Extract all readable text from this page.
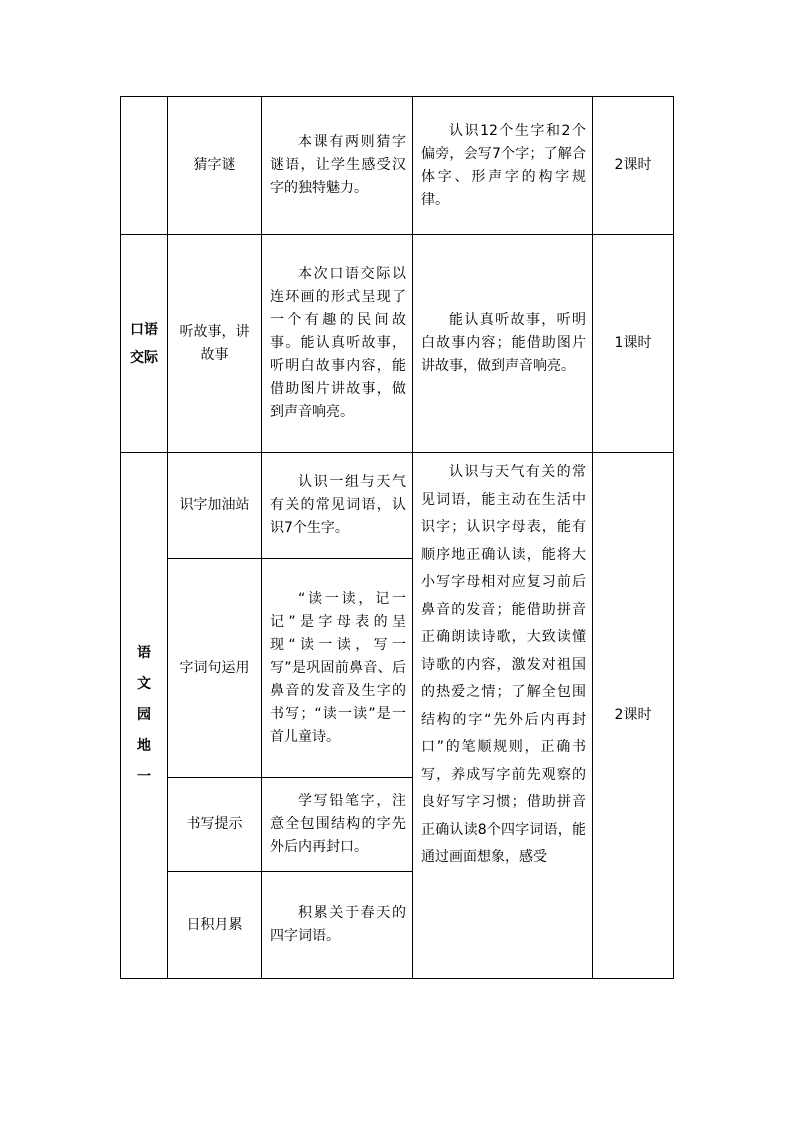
	猜字谜	本课有两则猜字谜语，让学生感受汉字的独特魅力。	认识12个生字和2个偏旁，会写7个字；了解合体字、形声字的构字规律。	2课时

口语交际	听故事，讲故事	本次口语交际以连环画的形式呈现了一个有趣的民间故事。能认真听故事，听明白故事内容，能借助图片讲故事，做到声音响亮。	能认真听故事，听明白故事内容；能借助图片讲故事，做到声音响亮。	1课时

语文园地一	识字加油站	认识一组与天气有关的常见词语，认识7个生字。	认识与天气有关的常见词语，能主动在生活中识字；认识字母表，能有顺序地正确认读，能将大小写字母相对应复习前后鼻音的发音；能借助拼音正确朗读诗歌，大致读懂诗歌的内容，激发对祖国的热爱之情；了解全包围结构的字“先外后内再封口”的笔顺规则，正确书写，养成写字前先观察的良好写字习惯；借助拼音正确认读8个四字词语，能通过画面想象，感受	2课时
	字词句运用	“读一读，记一记”是字母表的呈现“读一读，写一写”是巩固前鼻音、后鼻音的发音及生字的书写；“读一读”是一首儿童诗。		

	书写提示	学写铅笔字，注意全包围结构的字先外后内再封口。		

	日积月累	积累关于春天的四字词语。		
